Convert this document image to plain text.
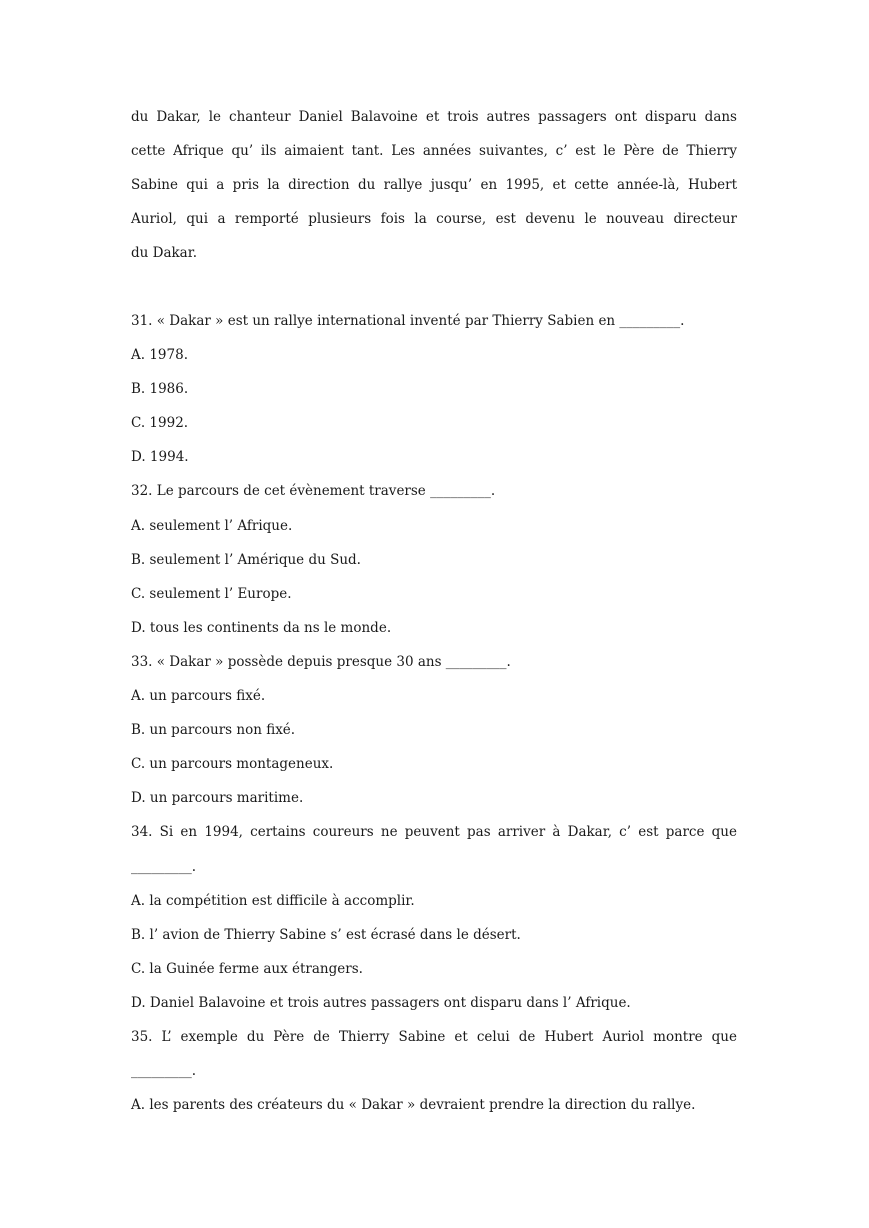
du Dakar, le chanteur Daniel Balavoine et trois autres passagers ont disparu dans
cette Afrique qu’ ils aimaient tant. Les années suivantes, c’ est le Père de Thierry
Sabine qui a pris la direction du rallye jusqu’ en 1995, et cette année-là, Hubert
Auriol, qui a remporté plusieurs fois la course, est devenu le nouveau directeur
du Dakar.
31. « Dakar » est un rallye international inventé par Thierry Sabien en _________.
A. 1978.
B. 1986.
C. 1992.
D. 1994.
32. Le parcours de cet évènement traverse _________.
A. seulement l’ Afrique.
B. seulement l’ Amérique du Sud.
C. seulement l’ Europe.
D. tous les continents da ns le monde.
33. « Dakar » possède depuis presque 30 ans _________.
A. un parcours fixé.
B. un parcours non fixé.
C. un parcours montageneux.
D. un parcours maritime.
34. Si en 1994, certains coureurs ne peuvent pas arriver à Dakar, c’ est parce que
_________.
A. la compétition est difficile à accomplir.
B. l’ avion de Thierry Sabine s’ est écrasé dans le désert.
C. la Guinée ferme aux étrangers.
D. Daniel Balavoine et trois autres passagers ont disparu dans l’ Afrique.
35. L’ exemple du Père de Thierry Sabine et celui de Hubert Auriol montre que
_________.
A. les parents des créateurs du « Dakar » devraient prendre la direction du rallye.
